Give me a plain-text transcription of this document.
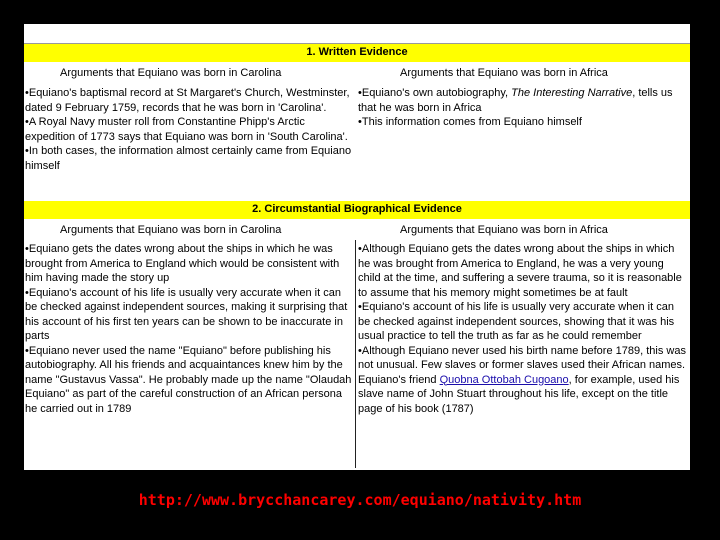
1. Written Evidence
Arguments that Equiano was born in Carolina	Arguments that Equiano was born in Africa

•Equiano's baptismal record at St Margaret's Church, Westminster, dated 9 February 1759, records that he was born in 'Carolina'.

•A Royal Navy muster roll from Constantine Phipp's Arctic expedition of 1773 says that Equiano was born in 'South Carolina'.

•In both cases, the information almost certainly came from Equiano himself

•Equiano's own autobiography, The Interesting Narrative, tells us that he was born in Africa

•This information comes from Equiano himself

2. Circumstantial Biographical Evidence
Arguments that Equiano was born in Carolina	Arguments that Equiano was born in Africa

•Equiano gets the dates wrong about the ships in which he was brought from America to England which would be consistent with him having made the story up

•Equiano's account of his life is usually very accurate when it can be checked against independent sources, making it surprising that his account of his first ten years can be shown to be inaccurate in parts

•Equiano never used the name "Equiano" before publishing his autobiography. All his friends and acquaintances knew him by the name "Gustavus Vassa". He probably made up the name "Olaudah Equiano" as part of the careful construction of an African persona he carried out in 1789

•Although Equiano gets the dates wrong about the ships in which he was brought from America to England, he was a very young child at the time, and suffering a severe trauma, so it is reasonable to assume that his memory might sometimes be at fault

•Equiano's account of his life is usually very accurate when it can be checked against independent sources, showing that it was his usual practice to tell the truth as far as he could remember

•Although Equiano never used his birth name before 1789, this was not unusual. Few slaves or former slaves used their African names. Equiano's friend Quobna Ottobah Cugoano, for example, used his slave name of John Stuart throughout his life, except on the title page of his book (1787)

http://www.brycchancarey.com/equiano/nativity.htm
